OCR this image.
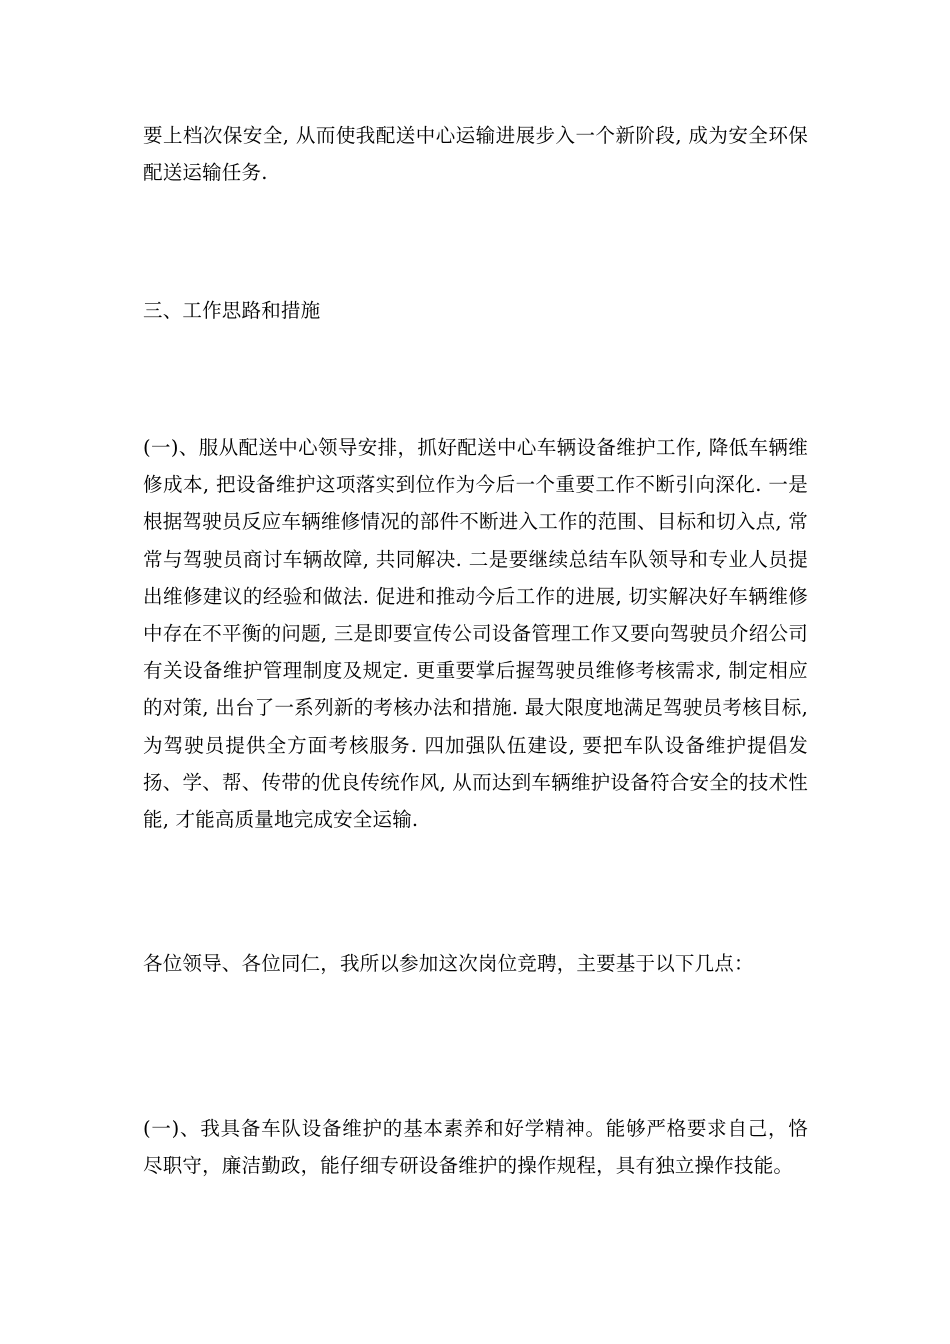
要上档次保安全, 从而使我配送中心运输进展步入一个新阶段, 成为安全环保配送运输任务.

三、工作思路和措施

(一)、服从配送中心领导安排，抓好配送中心车辆设备维护工作, 降低车辆维修成本, 把设备维护这项落实到位作为今后一个重要工作不断引向深化. 一是根据驾驶员反应车辆维修情况的部件不断进入工作的范围、目标和切入点, 常常与驾驶员商讨车辆故障, 共同解决. 二是要继续总结车队领导和专业人员提出维修建议的经验和做法. 促进和推动今后工作的进展, 切实解决好车辆维修中存在不平衡的问题, 三是即要宣传公司设备管理工作又要向驾驶员介绍公司有关设备维护管理制度及规定. 更重要掌后握驾驶员维修考核需求, 制定相应的对策, 出台了一系列新的考核办法和措施. 最大限度地满足驾驶员考核目标, 为驾驶员提供全方面考核服务. 四加强队伍建设, 要把车队设备维护提倡发扬、学、帮、传带的优良传统作风, 从而达到车辆维护设备符合安全的技术性能, 才能高质量地完成安全运输.

各位领导、各位同仁，我所以参加这次岗位竞聘，主要基于以下几点：

(一)、我具备车队设备维护的基本素养和好学精神。能够严格要求自己，恪尽职守，廉洁勤政，能仔细专研设备维护的操作规程，具有独立操作技能。
